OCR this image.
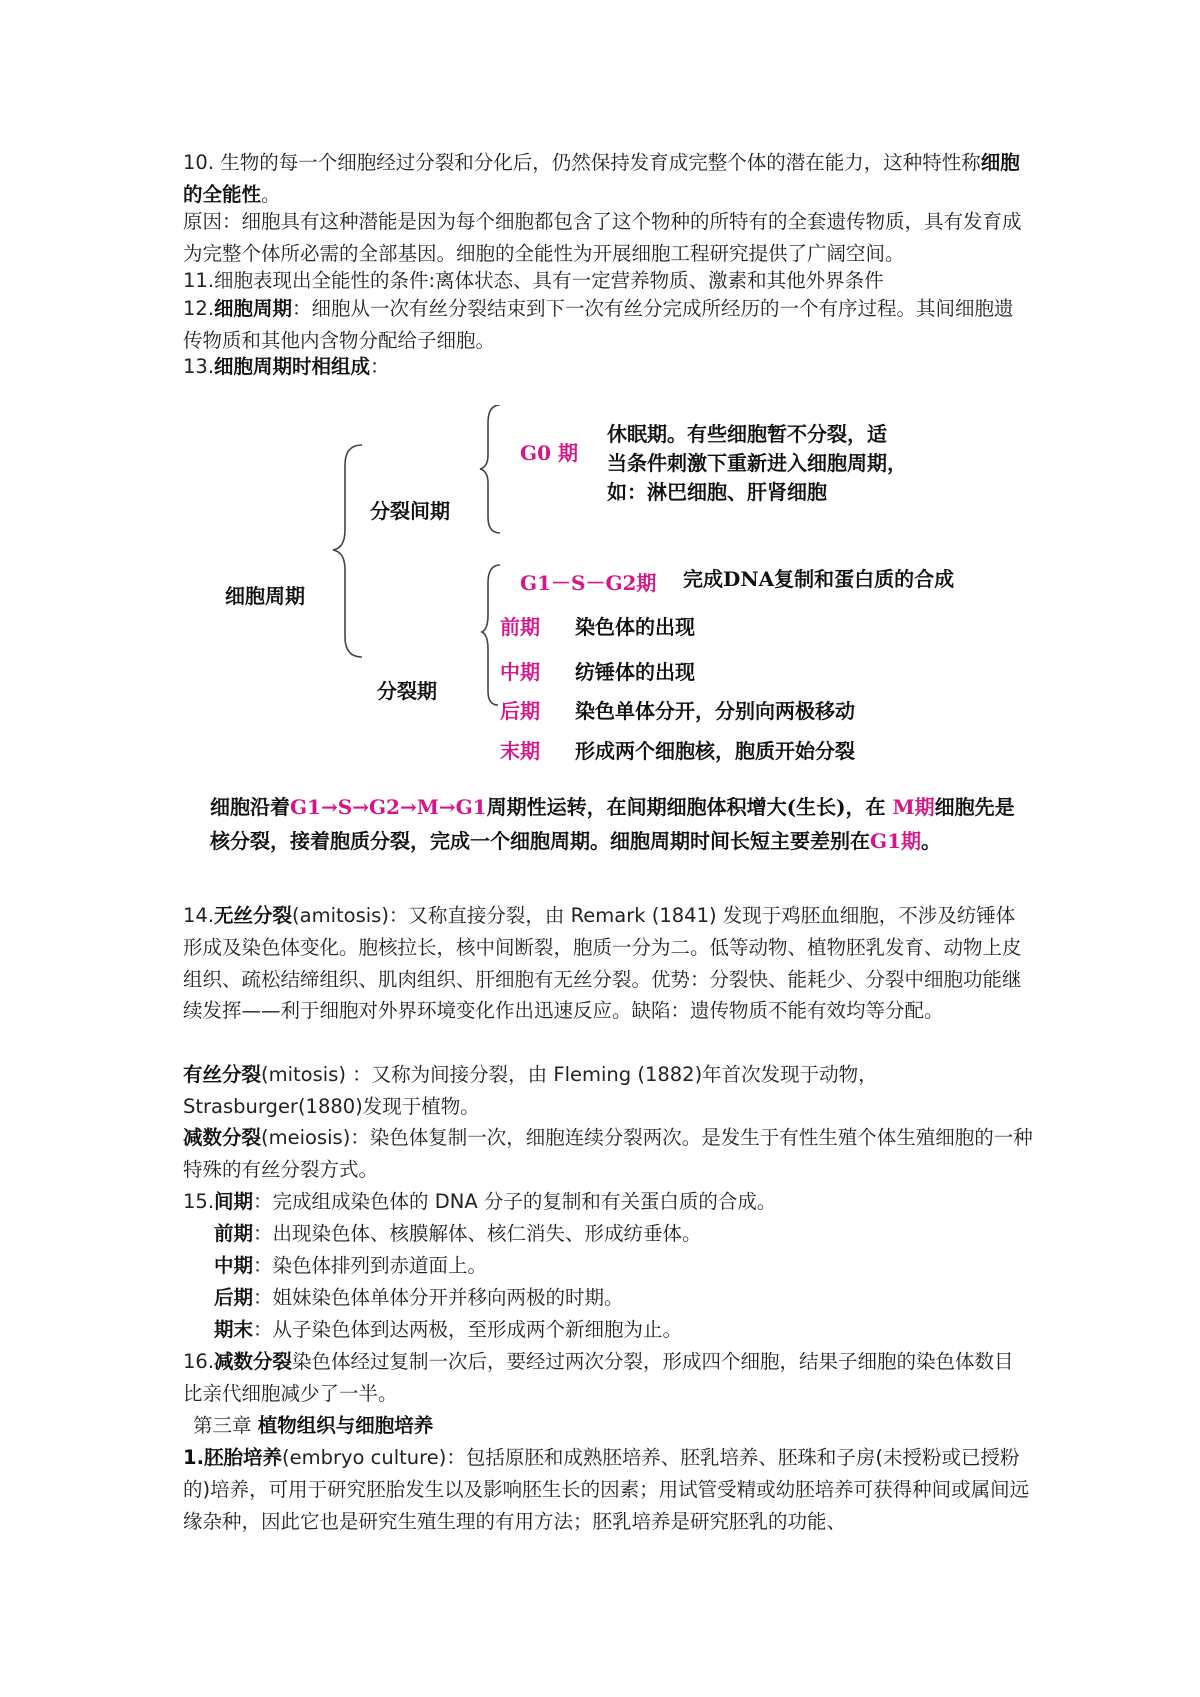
10. 生物的每一个细胞经过分裂和分化后，仍然保持发育成完整个体的潜在能力，这种特性称细胞的全能性。

原因：细胞具有这种潜能是因为每个细胞都包含了这个物种的所特有的全套遗传物质，具有发育成为完整个体所必需的全部基因。细胞的全能性为开展细胞工程研究提供了广阔空间。

11.细胞表现出全能性的条件:离体状态、具有一定营养物质、激素和其他外界条件

12.细胞周期：细胞从一次有丝分裂结束到下一次有丝分完成所经历的一个有序过程。其间细胞遗传物质和其他内含物分配给子细胞。

13.细胞周期时相组成：

细胞周期
分裂间期
分裂期
G0 期
休眠期。有些细胞暂不分裂，适
当条件刺激下重新进入细胞周期，
如：淋巴细胞、肝肾细胞
G1－S－G2期 完成DNA复制和蛋白质的合成
前期 染色体的出现
中期 纺锤体的出现
后期 染色单体分开，分别向两极移动
末期 形成两个细胞核，胞质开始分裂

细胞沿着G1→S→G2→M→G1周期性运转，在间期细胞体积增大(生长)，在 M期细胞先是核分裂，接着胞质分裂，完成一个细胞周期。细胞周期时间长短主要差别在G1期。

14.无丝分裂(amitosis)：又称直接分裂，由 Remark (1841) 发现于鸡胚血细胞，不涉及纺锤体形成及染色体变化。胞核拉长，核中间断裂，胞质一分为二。低等动物、植物胚乳发育、动物上皮组织、疏松结缔组织、肌肉组织、肝细胞有无丝分裂。优势：分裂快、能耗少、分裂中细胞功能继续发挥——利于细胞对外界环境变化作出迅速反应。缺陷：遗传物质不能有效均等分配。

有丝分裂(mitosis) ：又称为间接分裂，由 Fleming (1882)年首次发现于动物，Strasburger(1880)发现于植物。

减数分裂(meiosis)：染色体复制一次，细胞连续分裂两次。是发生于有性生殖个体生殖细胞的一种特殊的有丝分裂方式。

15.间期：完成组成染色体的 DNA 分子的复制和有关蛋白质的合成。

前期：出现染色体、核膜解体、核仁消失、形成纺垂体。

中期：染色体排列到赤道面上。

后期：姐妹染色体单体分开并移向两极的时期。

期末：从子染色体到达两极，至形成两个新细胞为止。

16.减数分裂染色体经过复制一次后，要经过两次分裂，形成四个细胞，结果子细胞的染色体数目比亲代细胞减少了一半。

第三章 植物组织与细胞培养

1.胚胎培养(embryo culture)：包括原胚和成熟胚培养、胚乳培养、胚珠和子房(未授粉或已授粉的)培养，可用于研究胚胎发生以及影响胚生长的因素；用试管受精或幼胚培养可获得种间或属间远缘杂种，因此它也是研究生殖生理的有用方法；胚乳培养是研究胚乳的功能、
